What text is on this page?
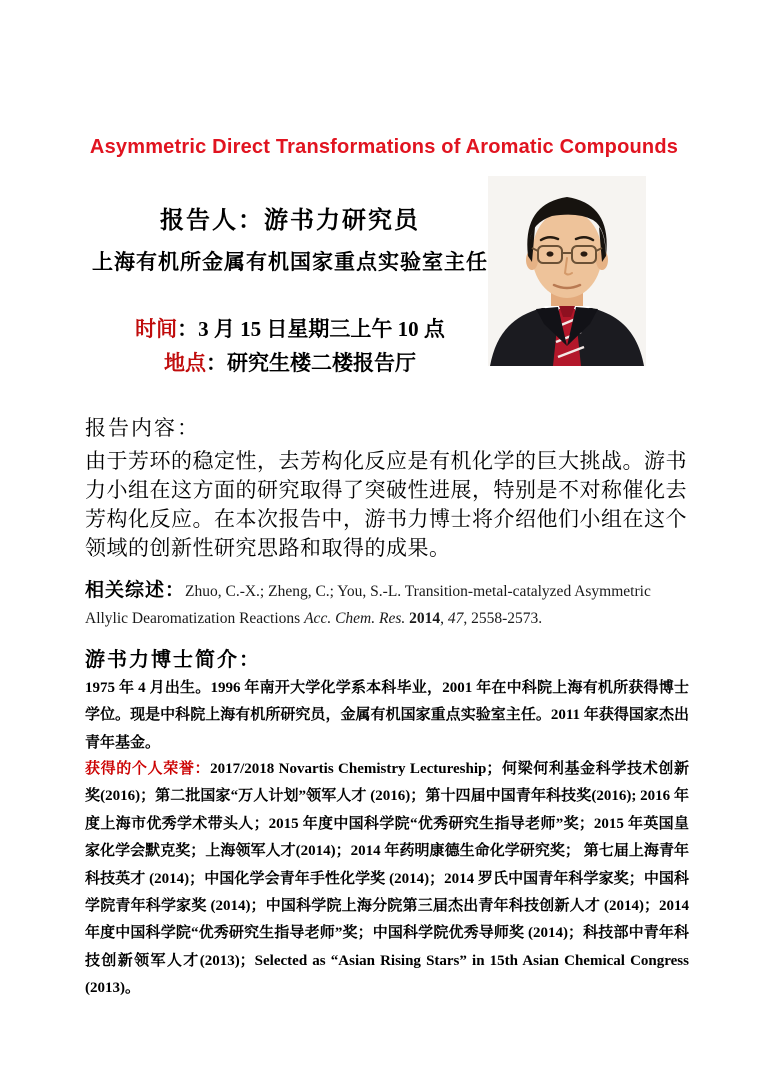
Asymmetric Direct Transformations of Aromatic Compounds
报告人：游书力研究员
上海有机所金属有机国家重点实验室主任
时间：3 月 15 日星期三上午 10 点
地点：研究生楼二楼报告厅
报告内容：
由于芳环的稳定性，去芳构化反应是有机化学的巨大挑战。游书力小组在这方面的研究取得了突破性进展，特别是不对称催化去芳构化反应。在本次报告中，游书力博士将介绍他们小组在这个领域的创新性研究思路和取得的成果。
相关综述：Zhuo, C.-X.; Zheng, C.; You, S.-L. Transition-metal-catalyzed Asymmetric Allylic Dearomatization Reactions Acc. Chem. Res. 2014, 47, 2558-2573.
游书力博士简介：
1975 年 4 月出生。1996 年南开大学化学系本科毕业，2001 年在中科院上海有机所获得博士学位。现是中科院上海有机所研究员，金属有机国家重点实验室主任。2011 年获得国家杰出青年基金。
获得的个人荣誉：2017/2018 Novartis Chemistry Lectureship；何梁何利基金科学技术创新奖(2016)；第二批国家“万人计划”领军人才 (2016)；第十四届中国青年科技奖(2016); 2016 年度上海市优秀学术带头人；2015 年度中国科学院“优秀研究生指导老师”奖；2015 年英国皇家化学会默克奖；上海领军人才(2014)；2014 年药明康德生命化学研究奖； 第七届上海青年科技英才 (2014)；中国化学会青年手性化学奖 (2014)；2014 罗氏中国青年科学家奖；中国科学院青年科学家奖 (2014)；中国科学院上海分院第三届杰出青年科技创新人才 (2014)；2014 年度中国科学院“优秀研究生指导老师”奖；中国科学院优秀导师奖 (2014)；科技部中青年科技创新领军人才(2013)；Selected as “Asian Rising Stars” in 15th Asian Chemical Congress (2013)。
